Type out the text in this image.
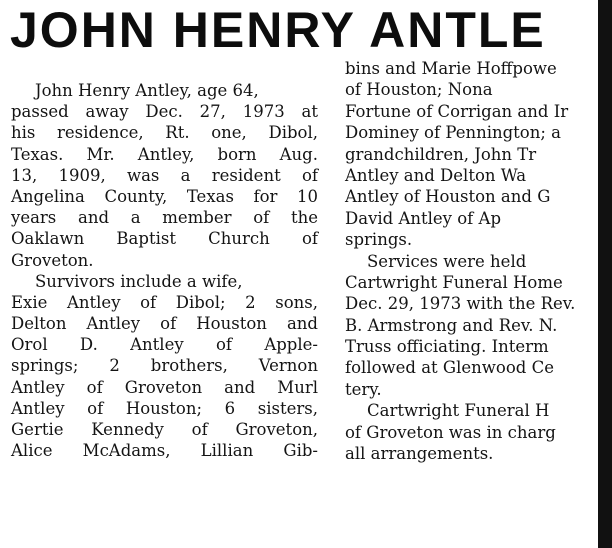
JOHN HENRY ANTLE
John Henry Antley, age 64,
passed away Dec. 27, 1973 at
his residence, Rt. one, Dibol,
Texas. Mr. Antley, born Aug.
13, 1909, was a resident of
Angelina County, Texas for 10
years and a member of the
Oaklawn Baptist Church of
Groveton.
Survivors include a wife,
Exie Antley of Dibol; 2 sons,
Delton Antley of Houston and
Orol D. Antley of Apple-
springs; 2 brothers, Vernon
Antley of Groveton and Murl
Antley of Houston; 6 sisters,
Gertie Kennedy of Groveton,
Alice McAdams, Lillian Gib-
bins and Marie Hoffpowe
of Houston; Nona
Fortune of Corrigan and Ir
Dominey of Pennington; a
grandchildren, John Tr
Antley and Delton Wa
Antley of Houston and G
David Antley of Ap
springs.
Services were held
Cartwright Funeral Home
Dec. 29, 1973 with the Rev.
B. Armstrong and Rev. N.
Truss officiating. Interm
followed at Glenwood Ce
tery.
Cartwright Funeral H
of Groveton was in charg
all arrangements.
